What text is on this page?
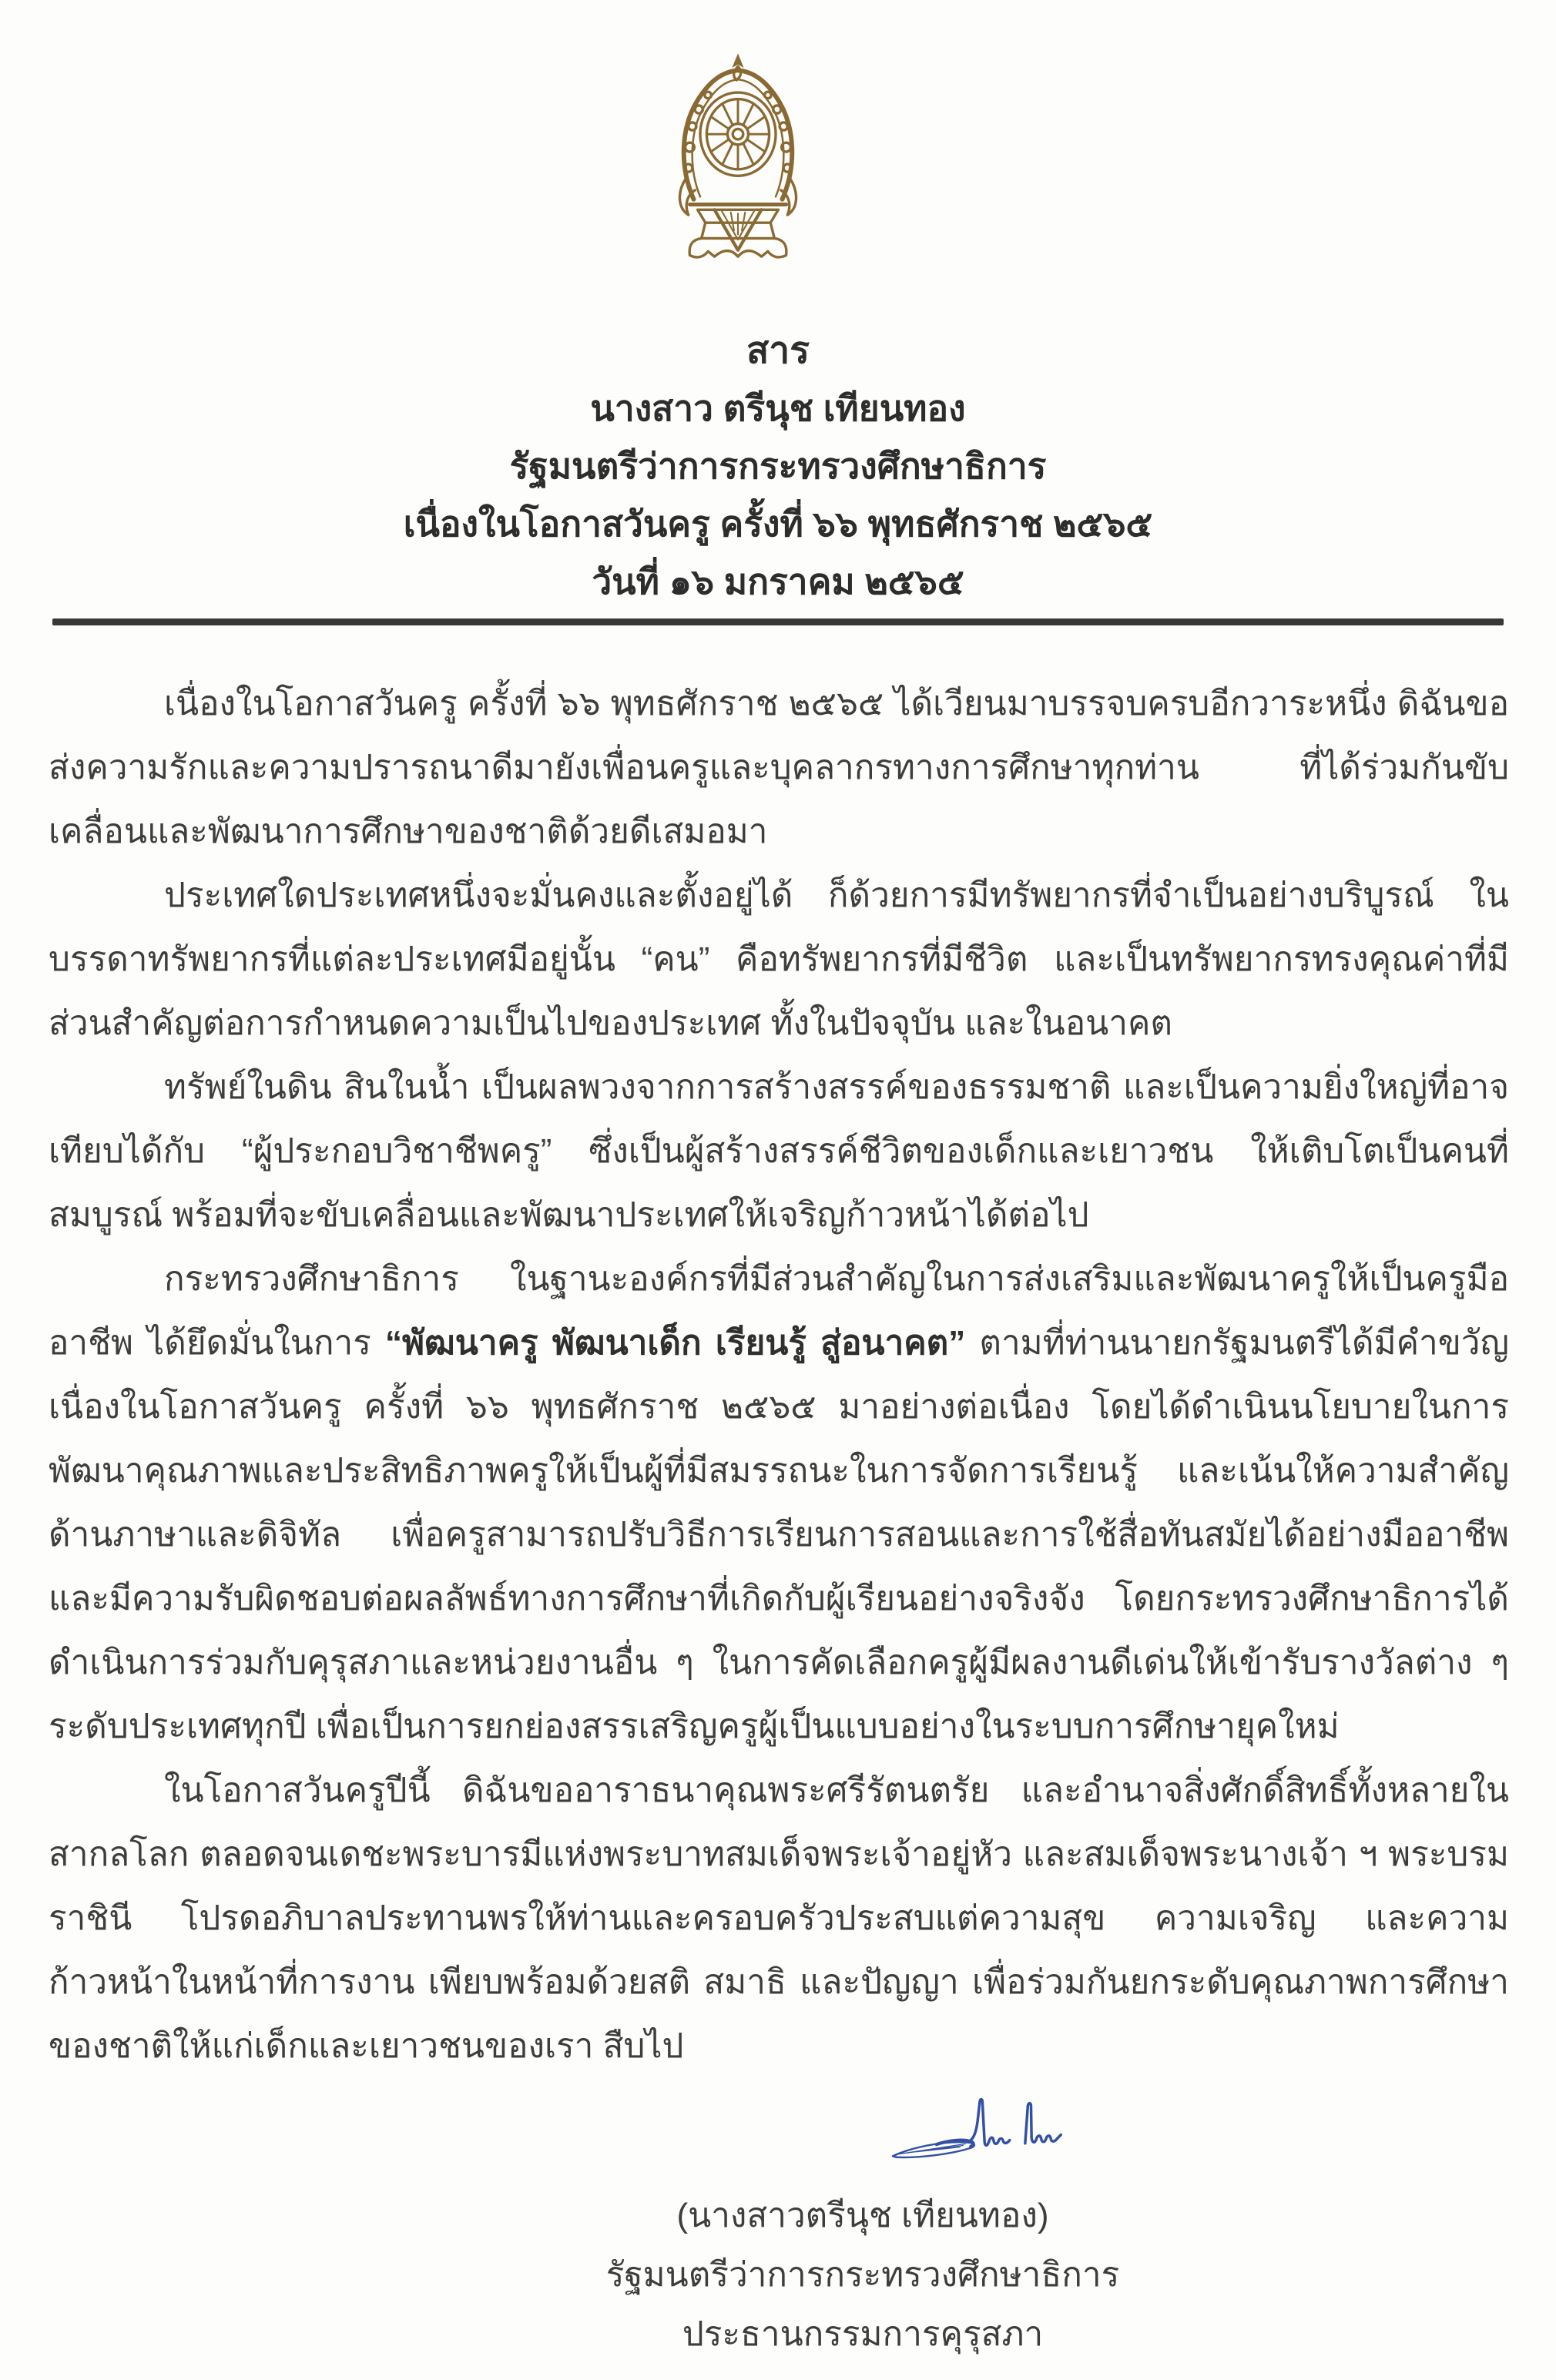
สาร
นางสาว ตรีนุช เทียนทอง
รัฐมนตรีว่าการกระทรวงศึกษาธิการ
เนื่องในโอกาสวันครู ครั้งที่ ๖๖ พุทธศักราช ๒๕๖๕
วันที่ ๑๖ มกราคม ๒๕๖๕

เนื่องในโอกาสวันครู ครั้งที่ ๖๖ พุทธศักราช ๒๕๖๕ ได้เวียนมาบรรจบครบอีกวาระหนึ่ง ดิฉันขอส่งความรักและความปรารถนาดีมายังเพื่อนครูและบุคลากรทางการศึกษาทุกท่าน ที่ได้ร่วมกันขับเคลื่อนและพัฒนาการศึกษาของชาติด้วยดีเสมอมา

ประเทศใดประเทศหนึ่งจะมั่นคงและตั้งอยู่ได้ ก็ด้วยการมีทรัพยากรที่จำเป็นอย่างบริบูรณ์ ในบรรดาทรัพยากรที่แต่ละประเทศมีอยู่นั้น “คน” คือทรัพยากรที่มีชีวิต และเป็นทรัพยากรทรงคุณค่าที่มีส่วนสำคัญต่อการกำหนดความเป็นไปของประเทศ ทั้งในปัจจุบัน และในอนาคต

ทรัพย์ในดิน สินในน้ำ เป็นผลพวงจากการสร้างสรรค์ของธรรมชาติ และเป็นความยิ่งใหญ่ที่อาจเทียบได้กับ “ผู้ประกอบวิชาชีพครู” ซึ่งเป็นผู้สร้างสรรค์ชีวิตของเด็กและเยาวชน ให้เติบโตเป็นคนที่สมบูรณ์ พร้อมที่จะขับเคลื่อนและพัฒนาประเทศให้เจริญก้าวหน้าได้ต่อไป

กระทรวงศึกษาธิการ ในฐานะองค์กรที่มีส่วนสำคัญในการส่งเสริมและพัฒนาครูให้เป็นครูมืออาชีพ ได้ยึดมั่นในการ “พัฒนาครู พัฒนาเด็ก เรียนรู้ สู่อนาคต” ตามที่ท่านนายกรัฐมนตรีได้มีคำขวัญเนื่องในโอกาสวันครู ครั้งที่ ๖๖ พุทธศักราช ๒๕๖๕ มาอย่างต่อเนื่อง โดยได้ดำเนินนโยบายในการพัฒนาคุณภาพและประสิทธิภาพครูให้เป็นผู้ที่มีสมรรถนะในการจัดการเรียนรู้ และเน้นให้ความสำคัญด้านภาษาและดิจิทัล เพื่อครูสามารถปรับวิธีการเรียนการสอนและการใช้สื่อทันสมัยได้อย่างมืออาชีพ และมีความรับผิดชอบต่อผลลัพธ์ทางการศึกษาที่เกิดกับผู้เรียนอย่างจริงจัง โดยกระทรวงศึกษาธิการได้ดำเนินการร่วมกับคุรุสภาและหน่วยงานอื่น ๆ ในการคัดเลือกครูผู้มีผลงานดีเด่นให้เข้ารับรางวัลต่าง ๆ ระดับประเทศทุกปี เพื่อเป็นการยกย่องสรรเสริญครูผู้เป็นแบบอย่างในระบบการศึกษายุคใหม่

ในโอกาสวันครูปีนี้ ดิฉันขออาราธนาคุณพระศรีรัตนตรัย และอำนาจสิ่งศักดิ์สิทธิ์ทั้งหลายในสากลโลก ตลอดจนเดชะพระบารมีแห่งพระบาทสมเด็จพระเจ้าอยู่หัว และสมเด็จพระนางเจ้า ฯ พระบรมราชินี โปรดอภิบาลประทานพรให้ท่านและครอบครัวประสบแต่ความสุข ความเจริญ และความก้าวหน้าในหน้าที่การงาน เพียบพร้อมด้วยสติ สมาธิ และปัญญา เพื่อร่วมกันยกระดับคุณภาพการศึกษาของชาติให้แก่เด็กและเยาวชนของเรา สืบไป

(นางสาวตรีนุช เทียนทอง)
รัฐมนตรีว่าการกระทรวงศึกษาธิการ
ประธานกรรมการคุรุสภา
